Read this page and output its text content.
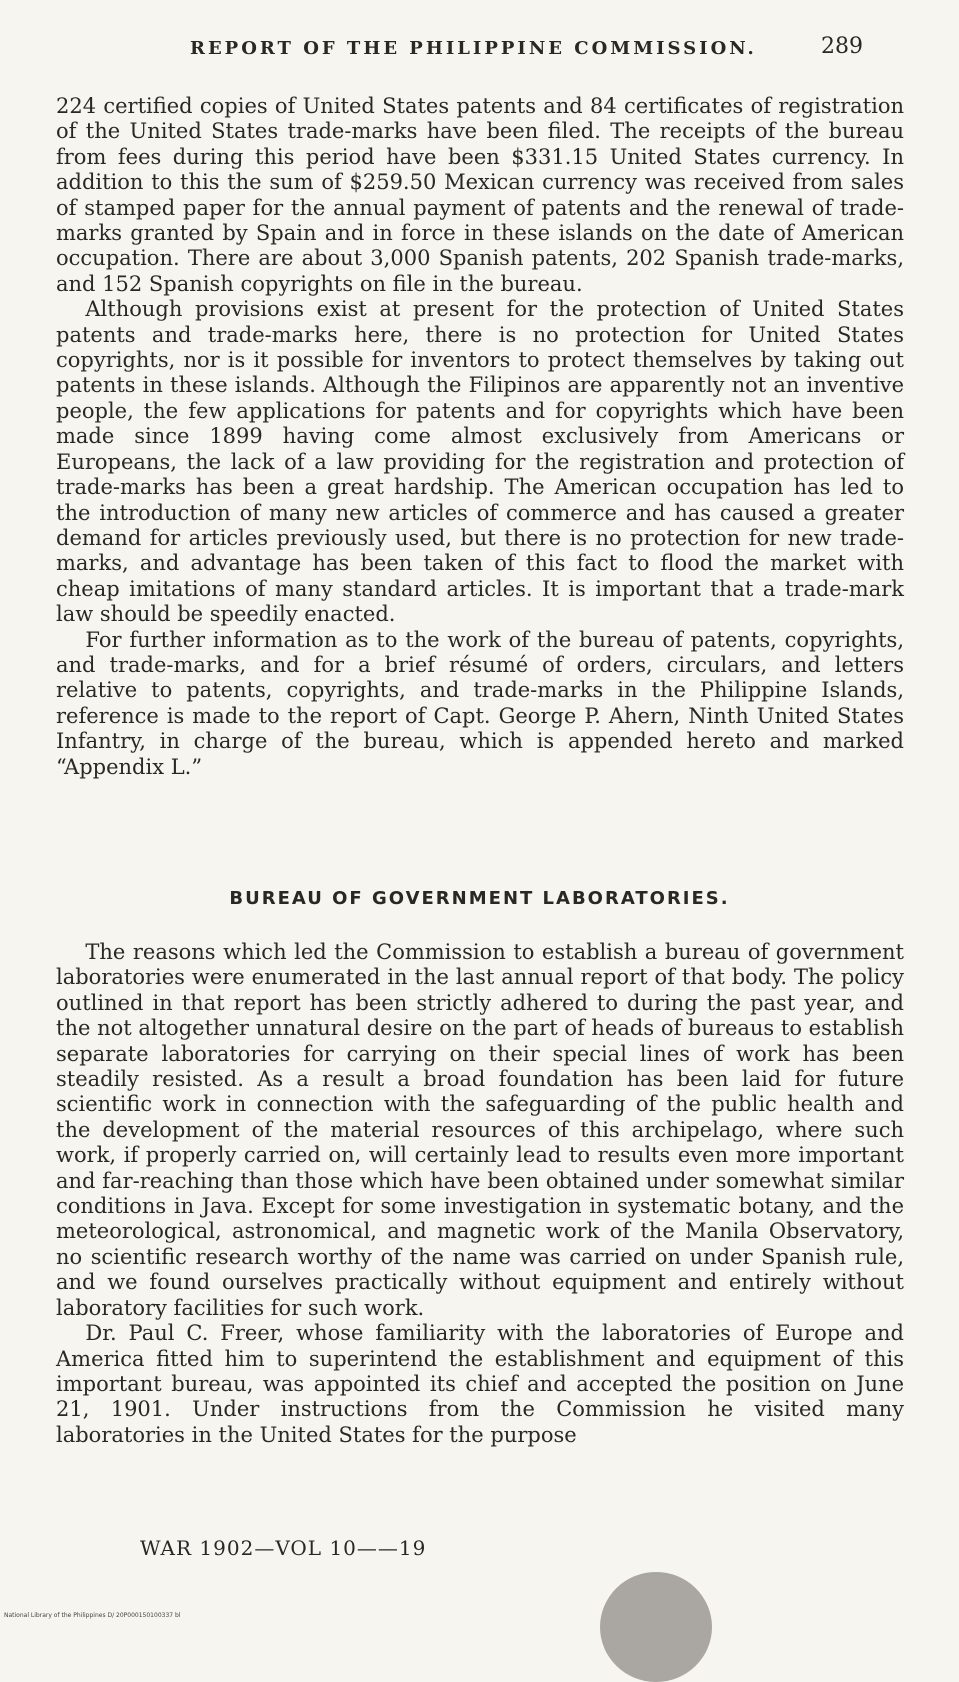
REPORT OF THE PHILIPPINE COMMISSION.	289

224 certified copies of United States patents and 84 certificates of registration of the United States trade-marks have been filed. The receipts of the bureau from fees during this period have been $331.15 United States currency. In addition to this the sum of $259.50 Mexican currency was received from sales of stamped paper for the annual payment of patents and the renewal of trade-marks granted by Spain and in force in these islands on the date of American occupation. There are about 3,000 Spanish patents, 202 Spanish trade-marks, and 152 Spanish copyrights on file in the bureau.

Although provisions exist at present for the protection of United States patents and trade-marks here, there is no protection for United States copyrights, nor is it possible for inventors to protect themselves by taking out patents in these islands. Although the Filipinos are apparently not an inventive people, the few applications for patents and for copyrights which have been made since 1899 having come almost exclusively from Americans or Europeans, the lack of a law providing for the registration and protection of trade-marks has been a great hardship. The American occupation has led to the introduction of many new articles of commerce and has caused a greater demand for articles previously used, but there is no protection for new trade-marks, and advantage has been taken of this fact to flood the market with cheap imitations of many standard articles. It is important that a trade-mark law should be speedily enacted.

For further information as to the work of the bureau of patents, copyrights, and trade-marks, and for a brief résumé of orders, circulars, and letters relative to patents, copyrights, and trade-marks in the Philippine Islands, reference is made to the report of Capt. George P. Ahern, Ninth United States Infantry, in charge of the bureau, which is appended hereto and marked “Appendix L.”

BUREAU OF GOVERNMENT LABORATORIES.

The reasons which led the Commission to establish a bureau of government laboratories were enumerated in the last annual report of that body. The policy outlined in that report has been strictly adhered to during the past year, and the not altogether unnatural desire on the part of heads of bureaus to establish separate laboratories for carrying on their special lines of work has been steadily resisted. As a result a broad foundation has been laid for future scientific work in connection with the safeguarding of the public health and the development of the material resources of this archipelago, where such work, if properly carried on, will certainly lead to results even more important and far-reaching than those which have been obtained under somewhat similar conditions in Java. Except for some investigation in systematic botany, and the meteorological, astronomical, and magnetic work of the Manila Observatory, no scientific research worthy of the name was carried on under Spanish rule, and we found ourselves practically without equipment and entirely without laboratory facilities for such work.

Dr. Paul C. Freer, whose familiarity with the laboratories of Europe and America fitted him to superintend the establishment and equipment of this important bureau, was appointed its chief and accepted the position on June 21, 1901. Under instructions from the Commission he visited many laboratories in the United States for the purpose

WAR 1902—VOL 10——19
National Library of the Philippines D/ 20P000150100337 bl
